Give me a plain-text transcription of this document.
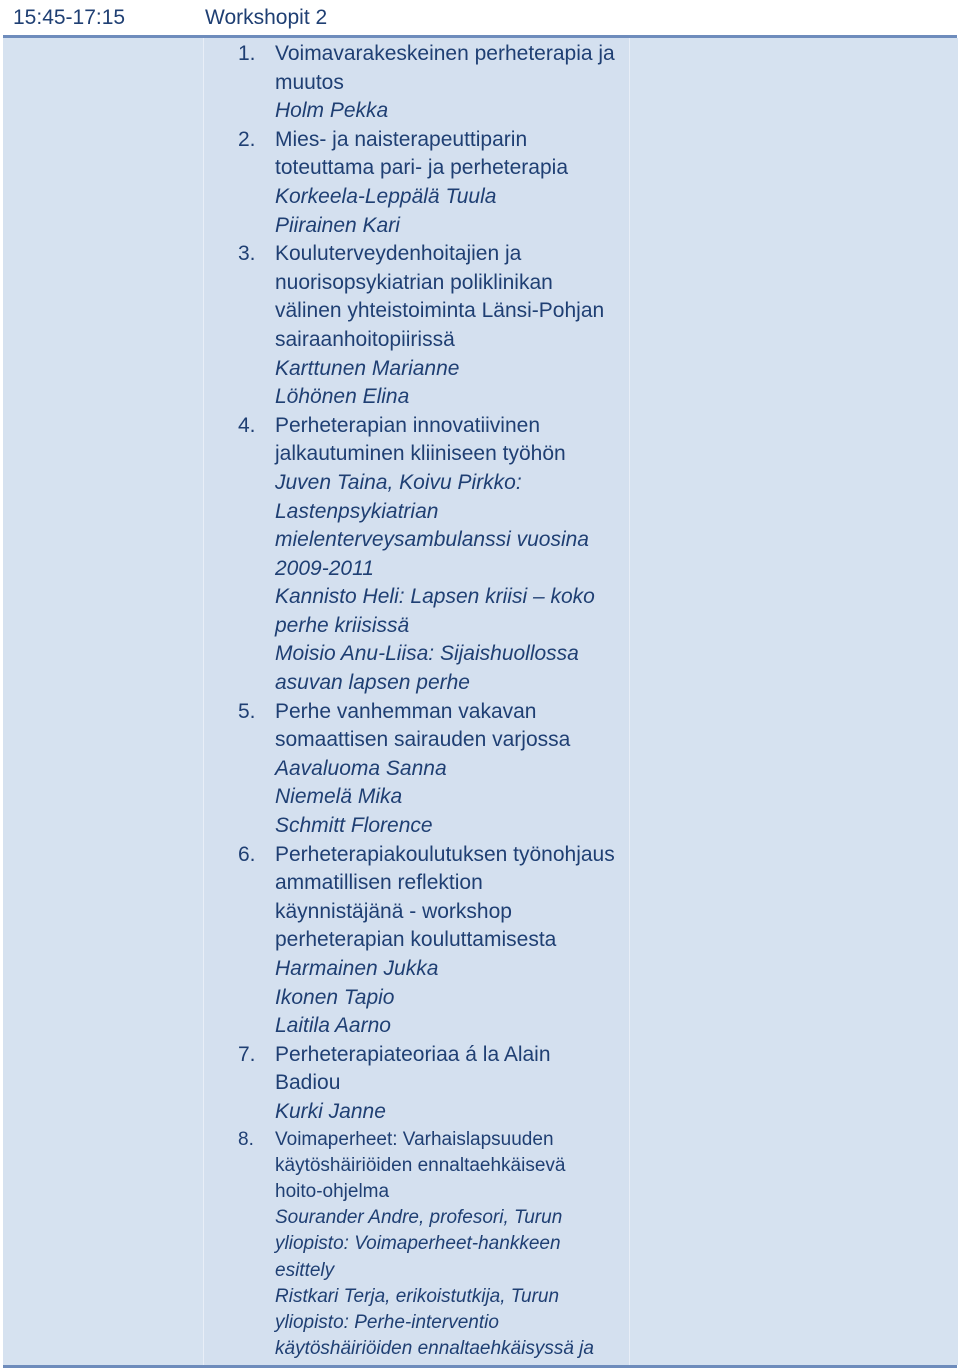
15:45-17:15	Workshopit 2
1. Voimavarakeskeinen perheterapia ja
muutos
Holm Pekka
2. Mies- ja naisterapeuttiparin
toteuttama pari- ja perheterapia
Korkeela-Leppälä Tuula
Piirainen Kari
3. Kouluterveydenhoitajien ja
nuorisopsykiatrian poliklinikan
välinen yhteistoiminta Länsi-Pohjan
sairaanhoitopiirissä
Karttunen Marianne
Löhönen Elina
4. Perheterapian innovatiivinen
jalkautuminen kliiniseen työhön
Juven Taina, Koivu Pirkko:
Lastenpsykiatrian
mielenterveysambulanssi vuosina
2009-2011
Kannisto Heli: Lapsen kriisi – koko
perhe kriisissä
Moisio Anu-Liisa: Sijaishuollossa
asuvan lapsen perhe
5. Perhe vanhemman vakavan
somaattisen sairauden varjossa
Aavaluoma Sanna
Niemelä Mika
Schmitt Florence
6. Perheterapiakoulutuksen työnohjaus
ammatillisen reflektion
käynnistäjänä - workshop
perheterapian kouluttamisesta
Harmainen Jukka
Ikonen Tapio
Laitila Aarno
7. Perheterapiateoriaa á la Alain
Badiou
Kurki Janne
8. Voimaperheet: Varhaislapsuuden
käytöshäiriöiden ennaltaehkäisevä
hoito-ohjelma
Sourander Andre, profesori, Turun
yliopisto: Voimaperheet-hankkeen
esittely
Ristkari Terja, erikoistutkija, Turun
yliopisto: Perhe-interventio
käytöshäiriöiden ennaltaehkäisyssä ja
